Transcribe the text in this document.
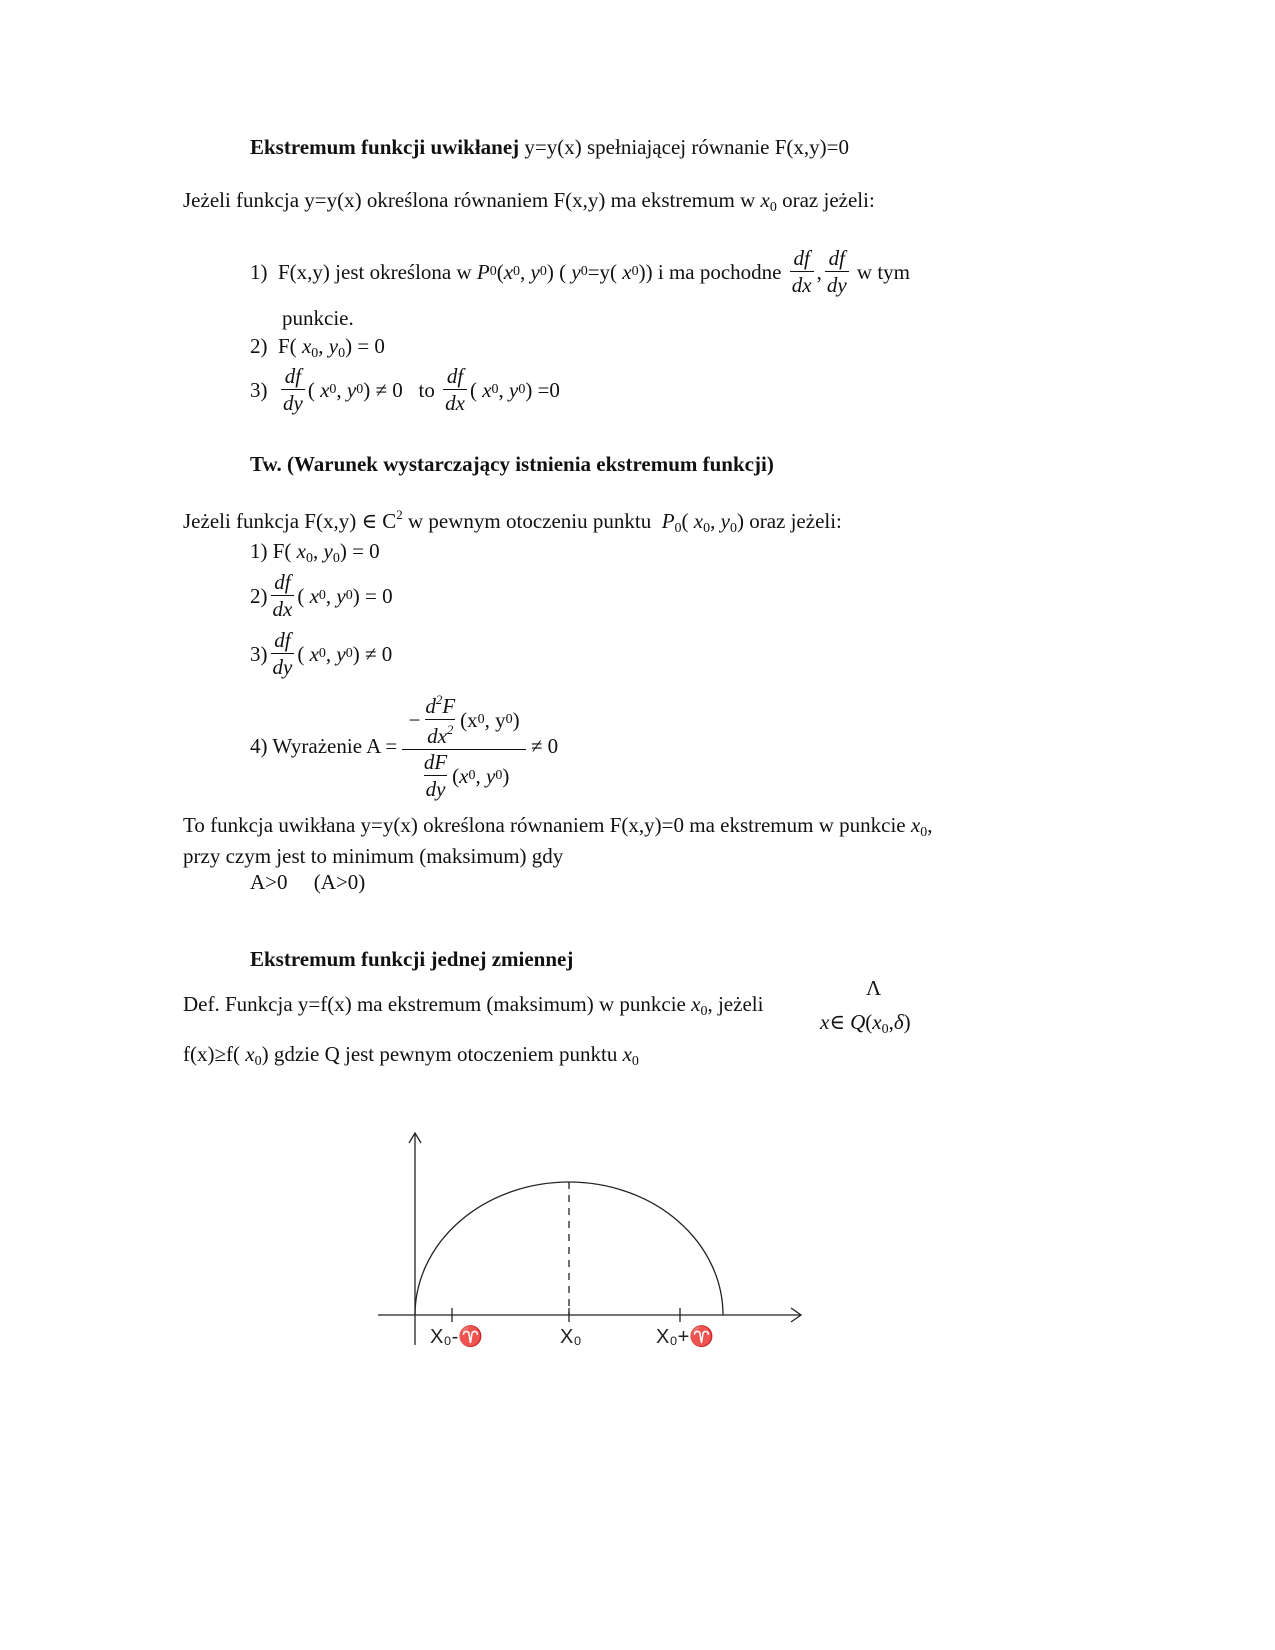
Ekstremum funkcji uwikłanej y=y(x) spełniającej równanie F(x,y)=0
Jeżeli funkcja y=y(x) określona równaniem F(x,y) ma ekstremum w $x_0$ oraz jeżeli:
1)
F(x,y) jest określona w
P 0 ( x 0 ,
y 0 )
(
y 0 =y(
x 0 ))
i ma pochodne
$\frac{df}{dx}$ , $\frac{df}{dy}$
w tym
punkcie.
2) F( $x_0$, $y_0) = 0$
3)
$\frac{df}{dy}$ (
x 0 ,
y 0 )
≠ 0
to
$\frac{df}{dx}$ (
x 0 ,
y 0 ) =0
Tw. (Warunek wystarczający istnienia ekstremum funkcji)
Jeżeli funkcja F(x,y) ∈ $C^2$ w pewnym otoczeniu punktu $P_0$( $x_0$, $y_0$) oraz jeżeli:
1) F( $x_0$, $y_0) = 0$
$2) \frac{df}{dx}$ (
x 0 ,
y 0 ) = 0
$3) \frac{df}{dy}$ (
x 0 ,
y 0 ) ≠ 0
4) Wyrażenie A =

− $\frac{d^2F}{dx^2} (x$ 0 , y 0 )
$\frac{dF}{dy}$ ( x 0 ,
y 0 )

≠ 0
To funkcja uwikłana y=y(x) określona równaniem F(x,y)=0 ma ekstremum w punkcie $x_0$,
przy czym jest to minimum (maksimum) gdy
A>0     (A>0)
Ekstremum funkcji jednej zmiennej
Def. Funkcja y=f(x) ma ekstremum (maksimum) w punkcie $x_0$, jeżeli
Λ
x∈ $Q(x_0,\delta)$
f(x)≥f( $x_0$) gdzie Q jest pewnym otoczeniem punktu $x_0$
X₀-♈	X₀	X₀+♈
